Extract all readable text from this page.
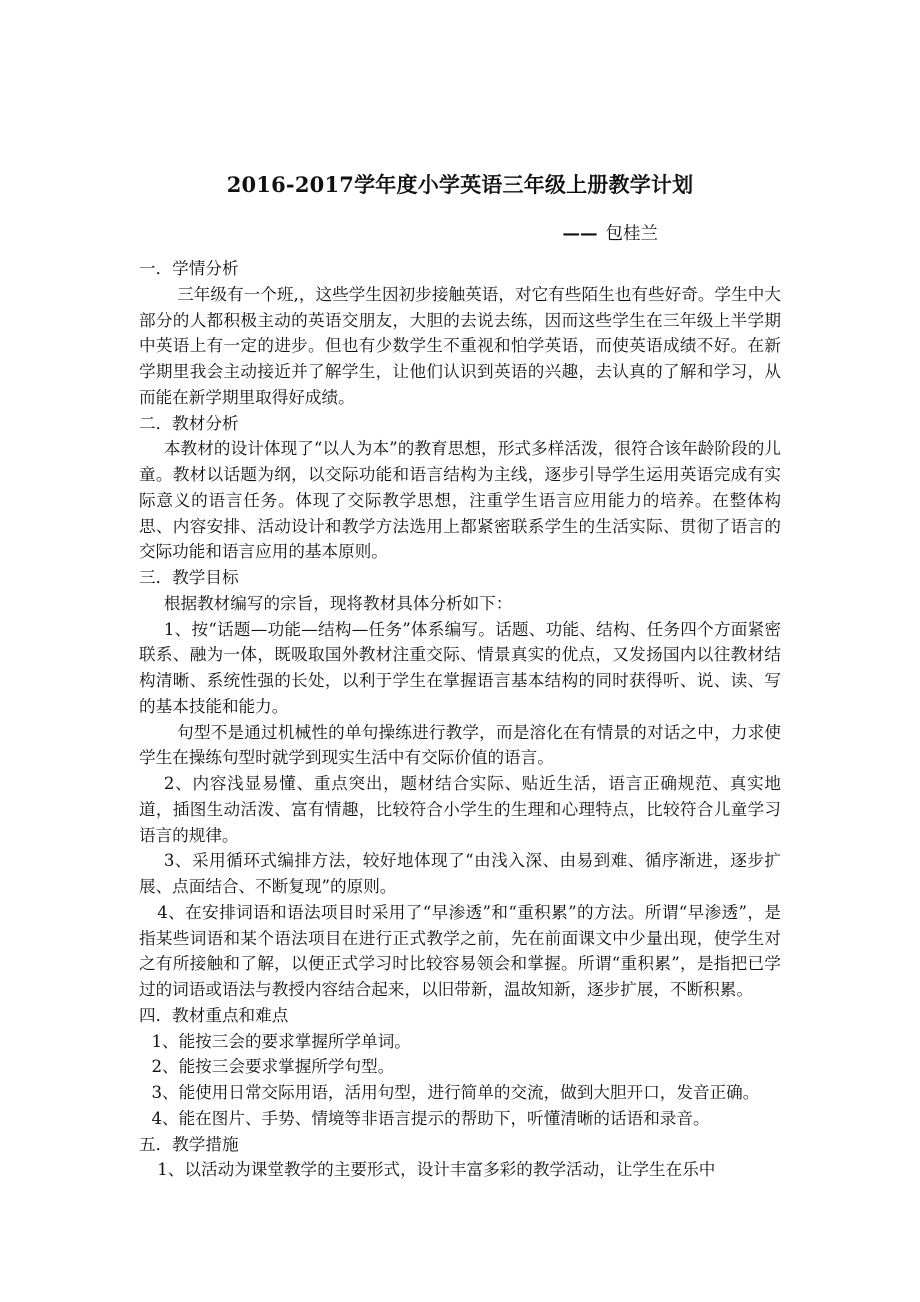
2016-2017学年度小学英语三年级上册教学计划
—— 包桂兰

一．学情分析

三年级有一个班,，这些学生因初步接触英语，对它有些陌生也有些好奇。学生中大部分的人都积极主动的英语交朋友，大胆的去说去练，因而这些学生在三年级上半学期中英语上有一定的进步。但也有少数学生不重视和怕学英语，而使英语成绩不好。在新学期里我会主动接近并了解学生，让他们认识到英语的兴趣，去认真的了解和学习，从而能在新学期里取得好成绩。

二．教材分析

本教材的设计体现了“以人为本”的教育思想，形式多样活泼，很符合该年龄阶段的儿童。教材以话题为纲，以交际功能和语言结构为主线，逐步引导学生运用英语完成有实际意义的语言任务。体现了交际教学思想，注重学生语言应用能力的培养。在整体构思、内容安排、活动设计和教学方法选用上都紧密联系学生的生活实际、贯彻了语言的交际功能和语言应用的基本原则。

三．教学目标

根据教材编写的宗旨，现将教材具体分析如下：

1、按“话题—功能—结构—任务”体系编写。话题、功能、结构、任务四个方面紧密联系、融为一体，既吸取国外教材注重交际、情景真实的优点，又发扬国内以往教材结构清晰、系统性强的长处，以利于学生在掌握语言基本结构的同时获得听、说、读、写的基本技能和能力。

句型不是通过机械性的单句操练进行教学，而是溶化在有情景的对话之中，力求使学生在操练句型时就学到现实生活中有交际价值的语言。

2、内容浅显易懂、重点突出，题材结合实际、贴近生活，语言正确规范、真实地道，插图生动活泼、富有情趣，比较符合小学生的生理和心理特点，比较符合儿童学习语言的规律。

3、采用循环式编排方法，较好地体现了“由浅入深、由易到难、循序渐进，逐步扩展、点面结合、不断复现”的原则。

4、在安排词语和语法项目时采用了“早渗透”和“重积累”的方法。所谓“早渗透”，是指某些词语和某个语法项目在进行正式教学之前，先在前面课文中少量出现，使学生对之有所接触和了解，以便正式学习时比较容易领会和掌握。所谓“重积累”，是指把已学过的词语或语法与教授内容结合起来，以旧带新，温故知新，逐步扩展，不断积累。

四．教材重点和难点

1、能按三会的要求掌握所学单词。

2、能按三会要求掌握所学句型。

3、能使用日常交际用语，活用句型，进行简单的交流，做到大胆开口，发音正确。

4、能在图片、手势、情境等非语言提示的帮助下，听懂清晰的话语和录音。

五．教学措施

1、以活动为课堂教学的主要形式，设计丰富多彩的教学活动，让学生在乐中
